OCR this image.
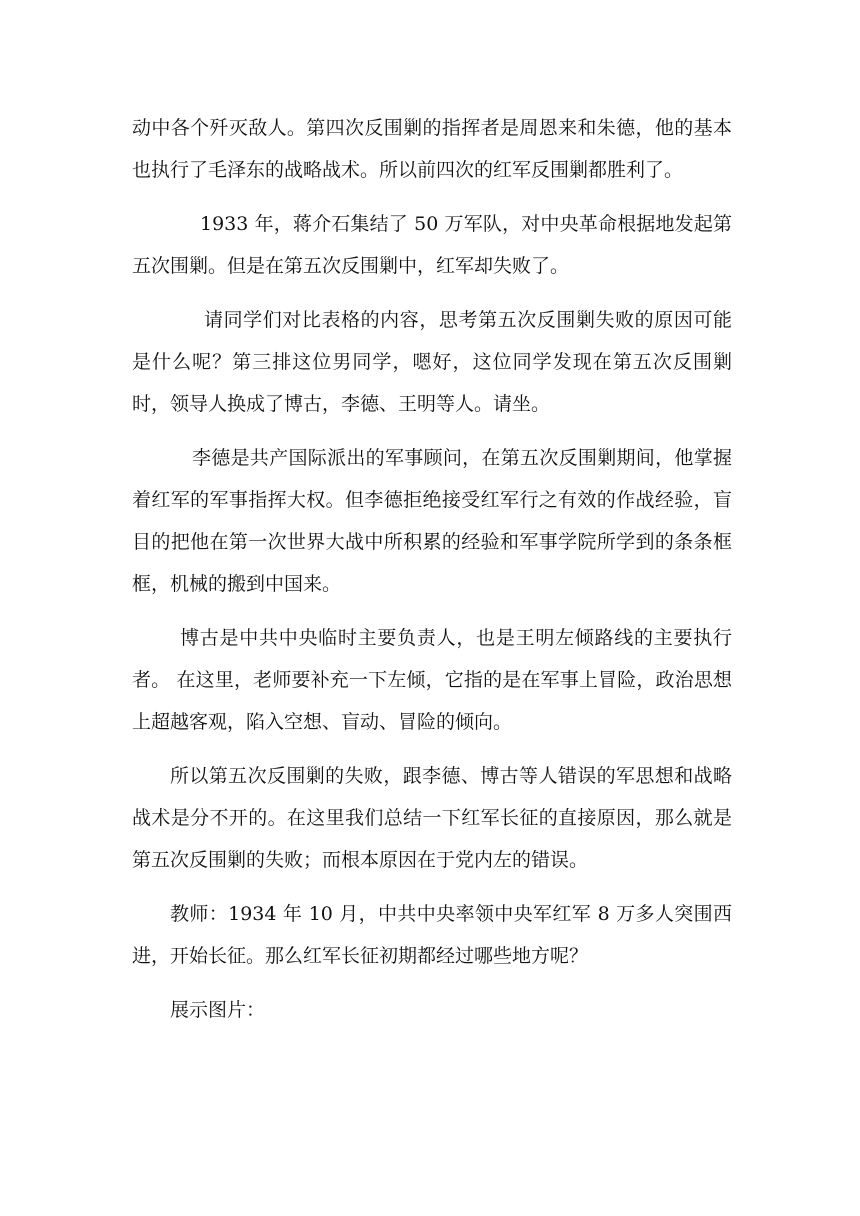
动中各个歼灭敌人。第四次反围剿的指挥者是周恩来和朱德，他的基本也执行了毛泽东的战略战术。所以前四次的红军反围剿都胜利了。

1933 年，蒋介石集结了 50 万军队，对中央革命根据地发起第五次围剿。但是在第五次反围剿中，红军却失败了。

请同学们对比表格的内容，思考第五次反围剿失败的原因可能是什么呢？第三排这位男同学，嗯好，这位同学发现在第五次反围剿时，领导人换成了博古，李德、王明等人。请坐。

李德是共产国际派出的军事顾问，在第五次反围剿期间，他掌握着红军的军事指挥大权。但李德拒绝接受红军行之有效的作战经验，盲目的把他在第一次世界大战中所积累的经验和军事学院所学到的条条框框，机械的搬到中国来。

博古是中共中央临时主要负责人，也是王明左倾路线的主要执行者。 在这里，老师要补充一下左倾，它指的是在军事上冒险，政治思想上超越客观，陷入空想、盲动、冒险的倾向。

所以第五次反围剿的失败，跟李德、博古等人错误的军思想和战略战术是分不开的。在这里我们总结一下红军长征的直接原因，那么就是第五次反围剿的失败；而根本原因在于党内左的错误。

教师：1934 年 10 月，中共中央率领中央军红军 8 万多人突围西进，开始长征。那么红军长征初期都经过哪些地方呢？

展示图片：
